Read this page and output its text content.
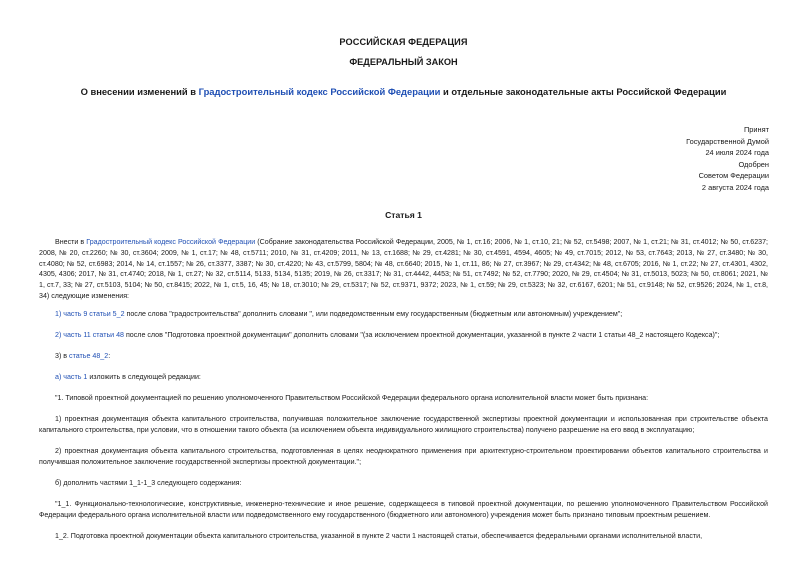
РОССИЙСКАЯ ФЕДЕРАЦИЯ
ФЕДЕРАЛЬНЫЙ ЗАКОН
О внесении изменений в Градостроительный кодекс Российской Федерации и отдельные законодательные акты Российской Федерации
Принят
Государственной Думой
24 июля 2024 года
Одобрен
Советом Федерации
2 августа 2024 года
Статья 1
Внести в Градостроительный кодекс Российской Федерации (Собрание законодательства Российской Федерации, 2005, № 1, ст.16; 2006, № 1, ст.10, 21; № 52, ст.5498; 2007, № 1, ст.21; № 31, ст.4012; № 50, ст.6237; 2008, № 20, ст.2260; № 30, ст.3604; 2009, № 1, ст.17; № 48, ст.5711; 2010, № 31, ст.4209; 2011, № 13, ст.1688; № 29, ст.4281; № 30, ст.4591, 4594, 4605; № 49, ст.7015; 2012, № 53, ст.7643; 2013, № 27, ст.3480; № 30, ст.4080; № 52, ст.6983; 2014, № 14, ст.1557; № 26, ст.3377, 3387; № 30, ст.4220; № 43, ст.5799, 5804; № 48, ст.6640; 2015, № 1, ст.11, 86; № 27, ст.3967; № 29, ст.4342; № 48, ст.6705; 2016, № 1, ст.22; № 27, ст.4301, 4302, 4305, 4306; 2017, № 31, ст.4740; 2018, № 1, ст.27; № 32, ст.5114, 5133, 5134, 5135; 2019, № 26, ст.3317; № 31, ст.4442, 4453; № 51, ст.7492; № 52, ст.7790; 2020, № 29, ст.4504; № 31, ст.5013, 5023; № 50, ст.8061; 2021, № 1, ст.7, 33; № 27, ст.5103, 5104; № 50, ст.8415; 2022, № 1, ст.5, 16, 45; № 18, ст.3010; № 29, ст.5317; № 52, ст.9371, 9372; 2023, № 1, ст.59; № 29, ст.5323; № 32, ст.6167, 6201; № 51, ст.9148; № 52, ст.9526; 2024, № 1, ст.8, 34) следующие изменения:
1) часть 9 статьи 5_2 после слова "градостроительства" дополнить словами ", или подведомственным ему государственным (бюджетным или автономным) учреждением";
2) часть 11 статьи 48 после слов "Подготовка проектной документации" дополнить словами "(за исключением проектной документации, указанной в пункте 2 части 1 статьи 48_2 настоящего Кодекса)";
3) в статье 48_2:
а) часть 1 изложить в следующей редакции:
"1. Типовой проектной документацией по решению уполномоченного Правительством Российской Федерации федерального органа исполнительной власти может быть признана:
1) проектная документация объекта капитального строительства, получившая положительное заключение государственной экспертизы проектной документации и использованная при строительстве объекта капитального строительства, при условии, что в отношении такого объекта (за исключением объекта индивидуального жилищного строительства) получено разрешение на его ввод в эксплуатацию;
2) проектная документация объекта капитального строительства, подготовленная в целях неоднократного применения при архитектурно-строительном проектировании объектов капитального строительства и получившая положительное заключение государственной экспертизы проектной документации.";
б) дополнить частями 1_1-1_3 следующего содержания:
"1_1. Функционально-технологические, конструктивные, инженерно-технические и иное решение, содержащееся в типовой проектной документации, по решению уполномоченного Правительством Российской Федерации федерального органа исполнительной власти или подведомственного ему государственного (бюджетного или автономного) учреждения может быть признано типовым проектным решением.
1_2. Подготовка проектной документации объекта капитального строительства, указанной в пункте 2 части 1 настоящей статьи, обеспечивается федеральными органами исполнительной власти,
